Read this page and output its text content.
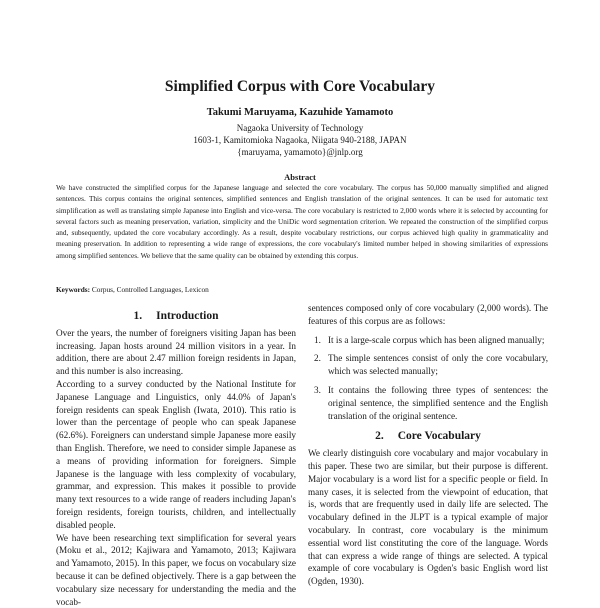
Simplified Corpus with Core Vocabulary
Takumi Maruyama, Kazuhide Yamamoto
Nagaoka University of Technology
1603-1, Kamitomioka Nagaoka, Niigata 940-2188, JAPAN
{maruyama, yamamoto}@jnlp.org
Abstract
We have constructed the simplified corpus for the Japanese language and selected the core vocabulary. The corpus has 50,000 manually simplified and aligned sentences. This corpus contains the original sentences, simplified sentences and English translation of the original sentences. It can be used for automatic text simplification as well as translating simple Japanese into English and vice-versa. The core vocabulary is restricted to 2,000 words where it is selected by accounting for several factors such as meaning preservation, variation, simplicity and the UniDic word segmentation criterion. We repeated the construction of the simplified corpus and, subsequently, updated the core vocabulary accordingly. As a result, despite vocabulary restrictions, our corpus achieved high quality in grammaticality and meaning preservation. In addition to representing a wide range of expressions, the core vocabulary's limited number helped in showing similarities of expressions among simplified sentences. We believe that the same quality can be obtained by extending this corpus.
Keywords: Corpus, Controlled Languages, Lexicon
1. Introduction

Over the years, the number of foreigners visiting Japan has been increasing. Japan hosts around 24 million visitors in a year. In addition, there are about 2.47 million foreign residents in Japan, and this number is also increasing.

According to a survey conducted by the National Institute for Japanese Language and Linguistics, only 44.0% of Japan's foreign residents can speak English (Iwata, 2010). This ratio is lower than the percentage of people who can speak Japanese (62.6%). Foreigners can understand simple Japanese more easily than English. Therefore, we need to consider simple Japanese as a means of providing information for foreigners. Simple Japanese is the language with less complexity of vocabulary, grammar, and expression. This makes it possible to provide many text resources to a wide range of readers including Japan's foreign residents, foreign tourists, children, and intellectually disabled people.

We have been researching text simplification for several years (Moku et al., 2012; Kajiwara and Yamamoto, 2013; Kajiwara and Yamamoto, 2015). In this paper, we focus on vocabulary size because it can be defined objectively. There is a gap between the vocabulary size necessary for understanding the media and the vocab-

sentences composed only of core vocabulary (2,000 words). The features of this corpus are as follows:

1. It is a large-scale corpus which has been aligned manually;
2. The simple sentences consist of only the core vocabulary, which was selected manually;
3. It contains the following three types of sentences: the original sentence, the simplified sentence and the English translation of the original sentence.
2. Core Vocabulary

We clearly distinguish core vocabulary and major vocabulary in this paper. These two are similar, but their purpose is different. Major vocabulary is a word list for a specific people or field. In many cases, it is selected from the viewpoint of education, that is, words that are frequently used in daily life are selected. The vocabulary defined in the JLPT is a typical example of major vocabulary. In contrast, core vocabulary is the minimum essential word list constituting the core of the language. Words that can express a wide range of things are selected. A typical example of core vocabulary is Ogden's basic English word list (Ogden, 1930).
